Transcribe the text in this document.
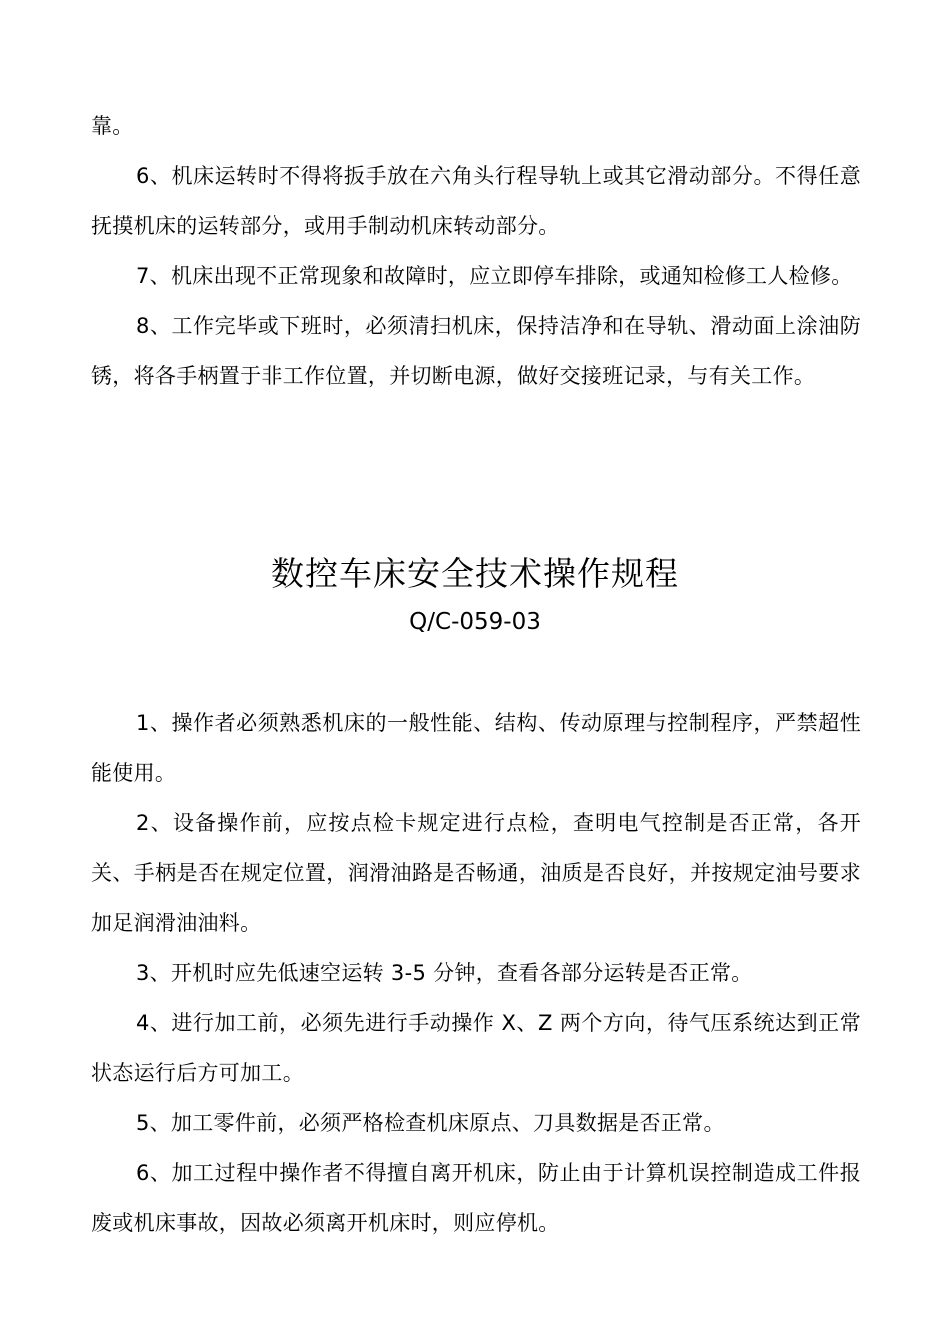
靠。

6、机床运转时不得将扳手放在六角头行程导轨上或其它滑动部分。不得任意抚摸机床的运转部分，或用手制动机床转动部分。

7、机床出现不正常现象和故障时，应立即停车排除，或通知检修工人检修。

8、工作完毕或下班时，必须清扫机床，保持洁净和在导轨、滑动面上涂油防锈，将各手柄置于非工作位置，并切断电源，做好交接班记录，与有关工作。

数控车床安全技术操作规程
Q/C-059-03

1、操作者必须熟悉机床的一般性能、结构、传动原理与控制程序，严禁超性能使用。

2、设备操作前，应按点检卡规定进行点检，查明电气控制是否正常，各开关、手柄是否在规定位置，润滑油路是否畅通，油质是否良好，并按规定油号要求加足润滑油油料。

3、开机时应先低速空运转 3-5 分钟，查看各部分运转是否正常。

4、进行加工前，必须先进行手动操作 X、Z 两个方向，待气压系统达到正常状态运行后方可加工。

5、加工零件前，必须严格检查机床原点、刀具数据是否正常。

6、加工过程中操作者不得擅自离开机床，防止由于计算机误控制造成工件报废或机床事故，因故必须离开机床时，则应停机。
